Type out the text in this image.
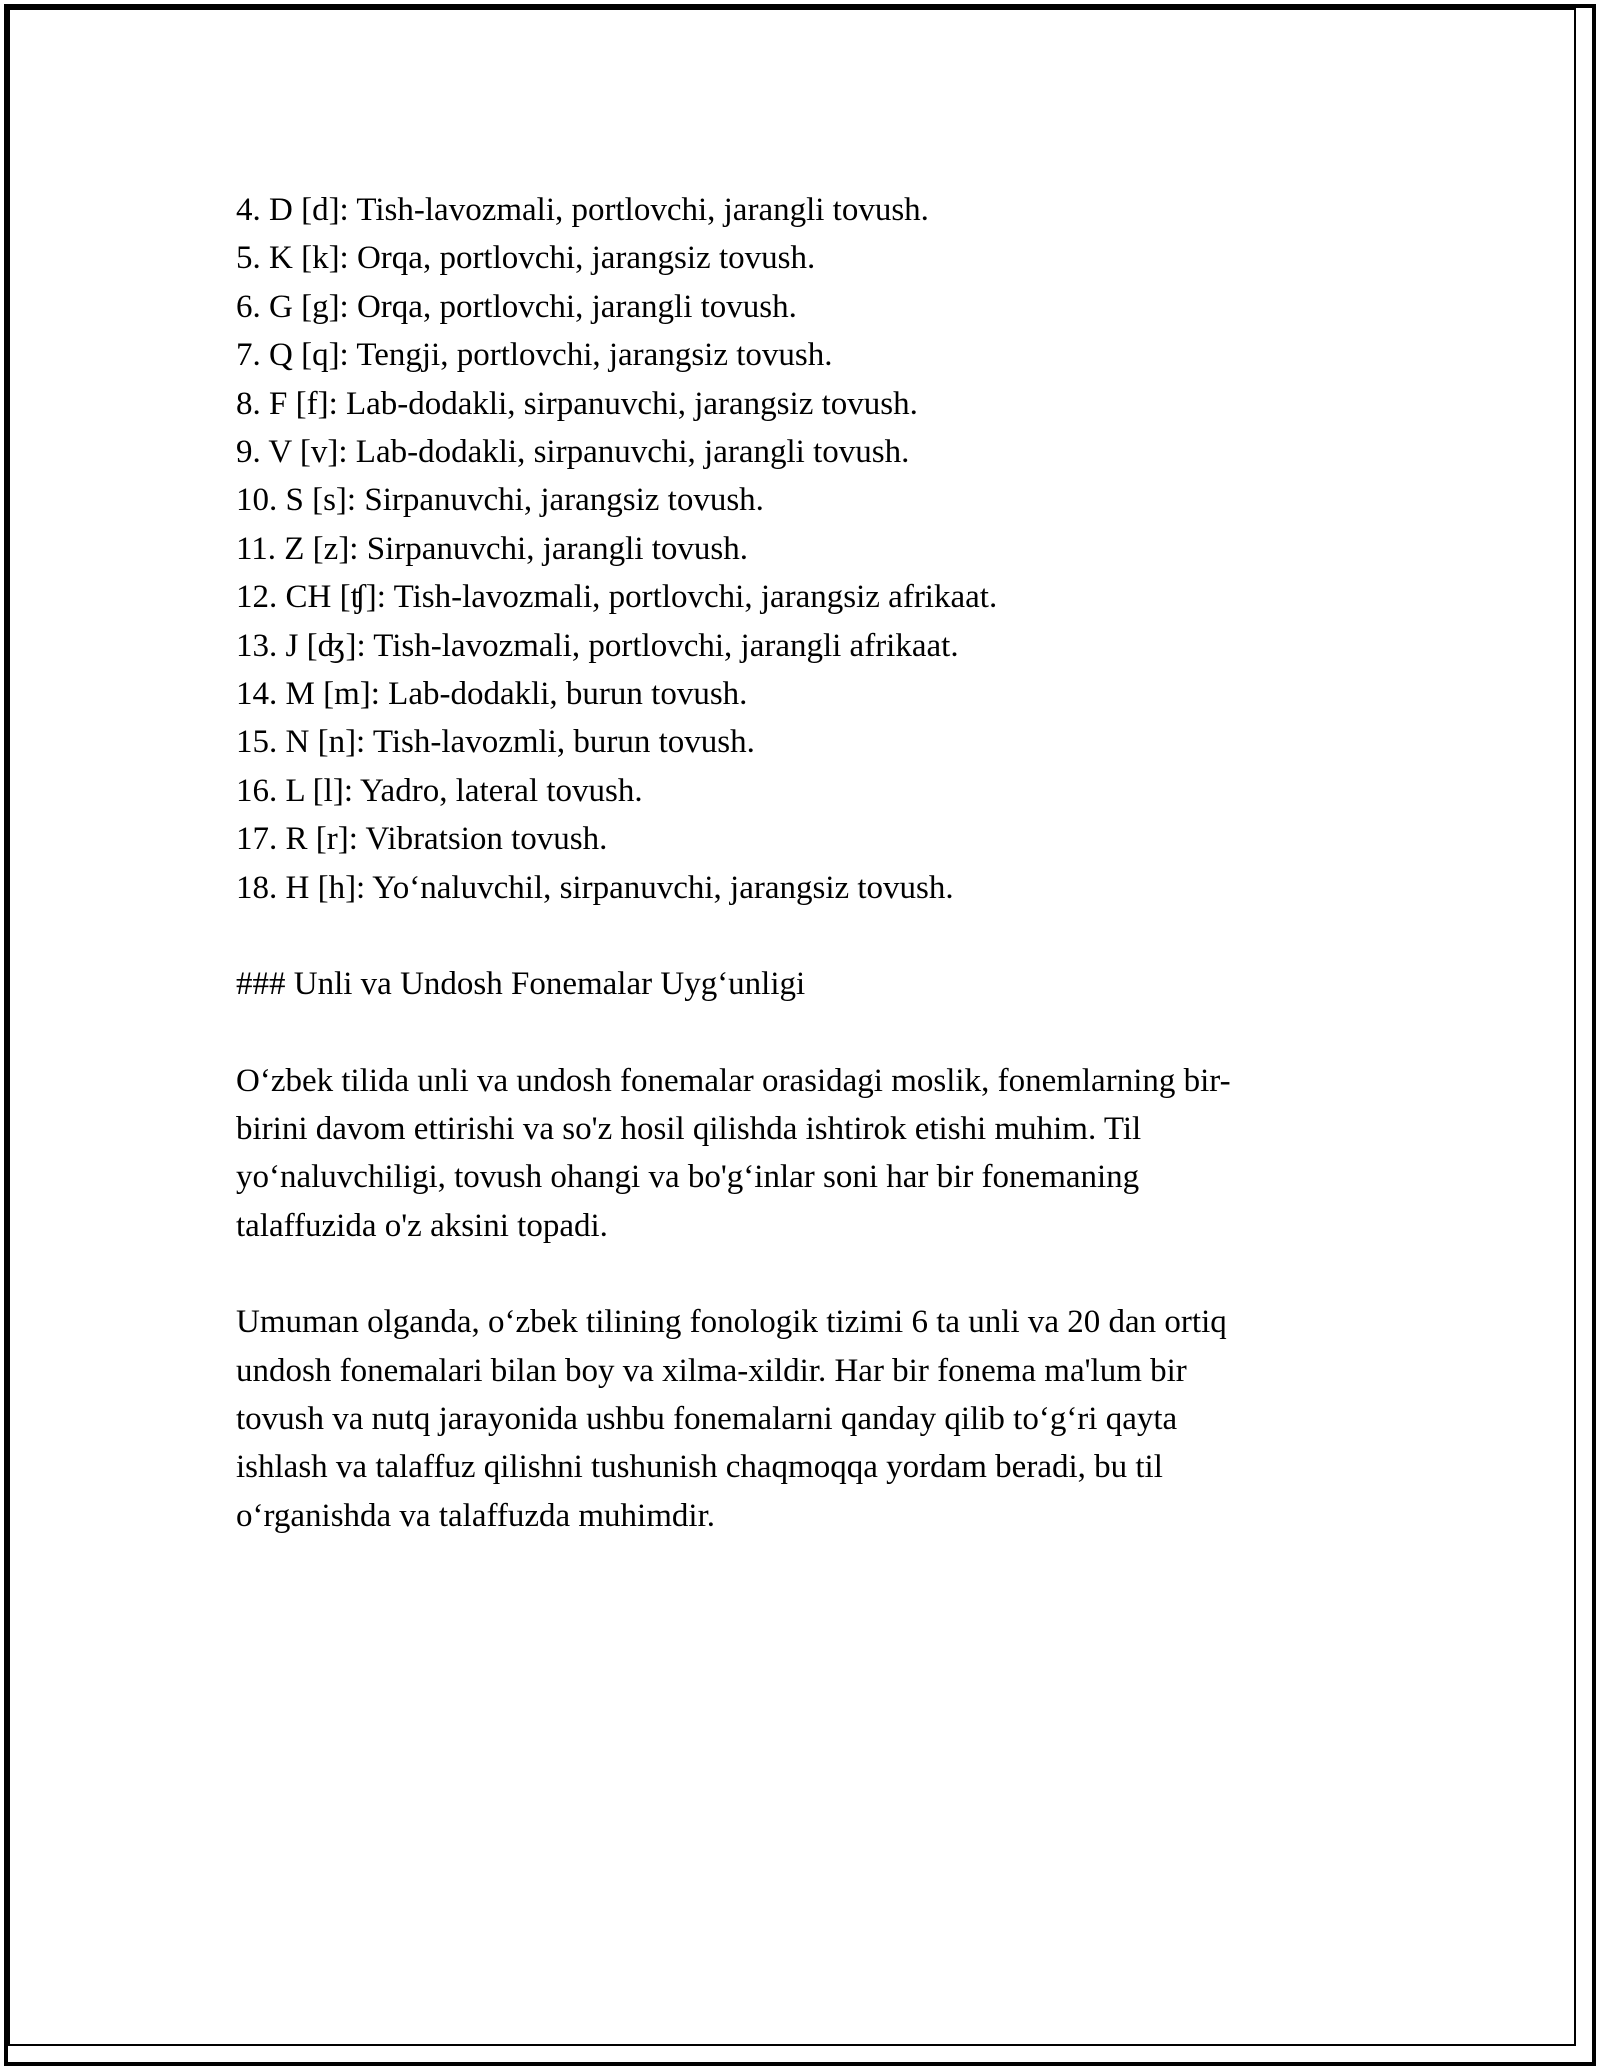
4. D [d]: Tish-lavozmali, portlovchi, jarangli tovush.
5. K [k]: Orqa, portlovchi, jarangsiz tovush.
6. G [g]: Orqa, portlovchi, jarangli tovush.
7. Q [q]: Tengji, portlovchi, jarangsiz tovush.
8. F [f]: Lab-dodakli, sirpanuvchi, jarangsiz tovush.
9. V [v]: Lab-dodakli, sirpanuvchi, jarangli tovush.
10. S [s]: Sirpanuvchi, jarangsiz tovush.
11. Z [z]: Sirpanuvchi, jarangli tovush.
12. CH [ʧ]: Tish-lavozmali, portlovchi, jarangsiz afrikaat.
13. J [ʤ]: Tish-lavozmali, portlovchi, jarangli afrikaat.
14. M [m]: Lab-dodakli, burun tovush.
15. N [n]: Tish-lavozmli, burun tovush.
16. L [l]: Yadro, lateral tovush.
17. R [r]: Vibratsion tovush.
18. H [h]: Yoʻnaluvchil, sirpanuvchi, jarangsiz tovush.
### Unli va Undosh Fonemalar Uygʻunligi
Oʻzbek tilida unli va undosh fonemalar orasidagi moslik, fonemlarning bir-
birini davom ettirishi va so'z hosil qilishda ishtirok etishi muhim. Til
yoʻnaluvchiligi, tovush ohangi va bo'gʻinlar soni har bir fonemaning
talaffuzida o'z aksini topadi.
Umuman olganda, oʻzbek tilining fonologik tizimi 6 ta unli va 20 dan ortiq
undosh fonemalari bilan boy va xilma-xildir. Har bir fonema ma'lum bir
tovush va nutq jarayonida ushbu fonemalarni qanday qilib toʻgʻri qayta
ishlash va talaffuz qilishni tushunish chaqmoqqa yordam beradi, bu til
oʻrganishda va talaffuzda muhimdir.
